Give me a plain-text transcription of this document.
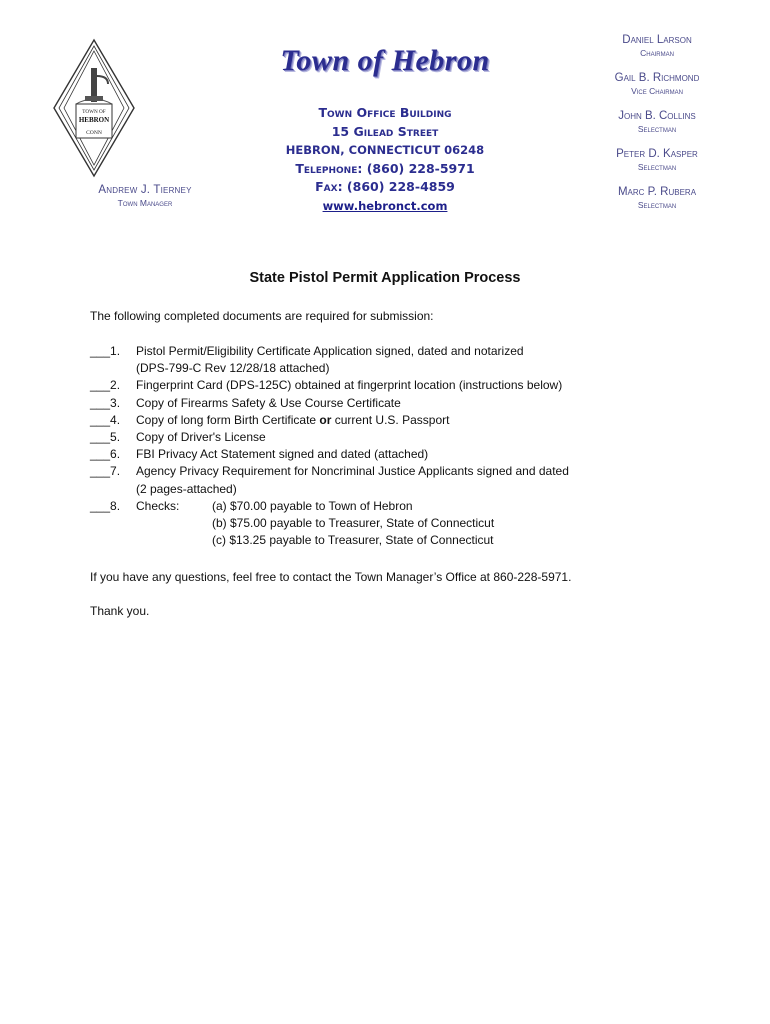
TOWN OF
HEBRON
CONN
Andrew J. Tierney
Town Manager
Town of Hebron
Town Office Building
15 Gilead Street
HEBRON, CONNECTICUT 06248
Telephone: (860) 228-5971
Fax: (860) 228-4859
www.hebronct.com
Daniel Larson
Chairman
Gail B. Richmond
Vice Chairman
John B. Collins
Selectman
Peter D. Kasper
Selectman
Marc P. Rubera
Selectman
State Pistol Permit Application Process
The following completed documents are required for submission:
___1.	Pistol Permit/Eligibility Certificate Application signed, dated and notarized
(DPS-799-C Rev 12/28/18 attached)
___2.	Fingerprint Card (DPS-125C) obtained at fingerprint location (instructions below)
___3.	Copy of Firearms Safety & Use Course Certificate
___4.	Copy of long form Birth Certificate or current U.S. Passport
___5.	Copy of Driver's License
___6.	FBI Privacy Act Statement signed and dated (attached)
___7.	Agency Privacy Requirement for Noncriminal Justice Applicants signed and dated
(2 pages-attached)
___8.	Checks:	(a) $70.00 payable to Town of Hebron
(b) $75.00 payable to Treasurer, State of Connecticut
(c) $13.25 payable to Treasurer, State of Connecticut
If you have any questions, feel free to contact the Town Manager’s Office at 860-228-5971.
Thank you.
